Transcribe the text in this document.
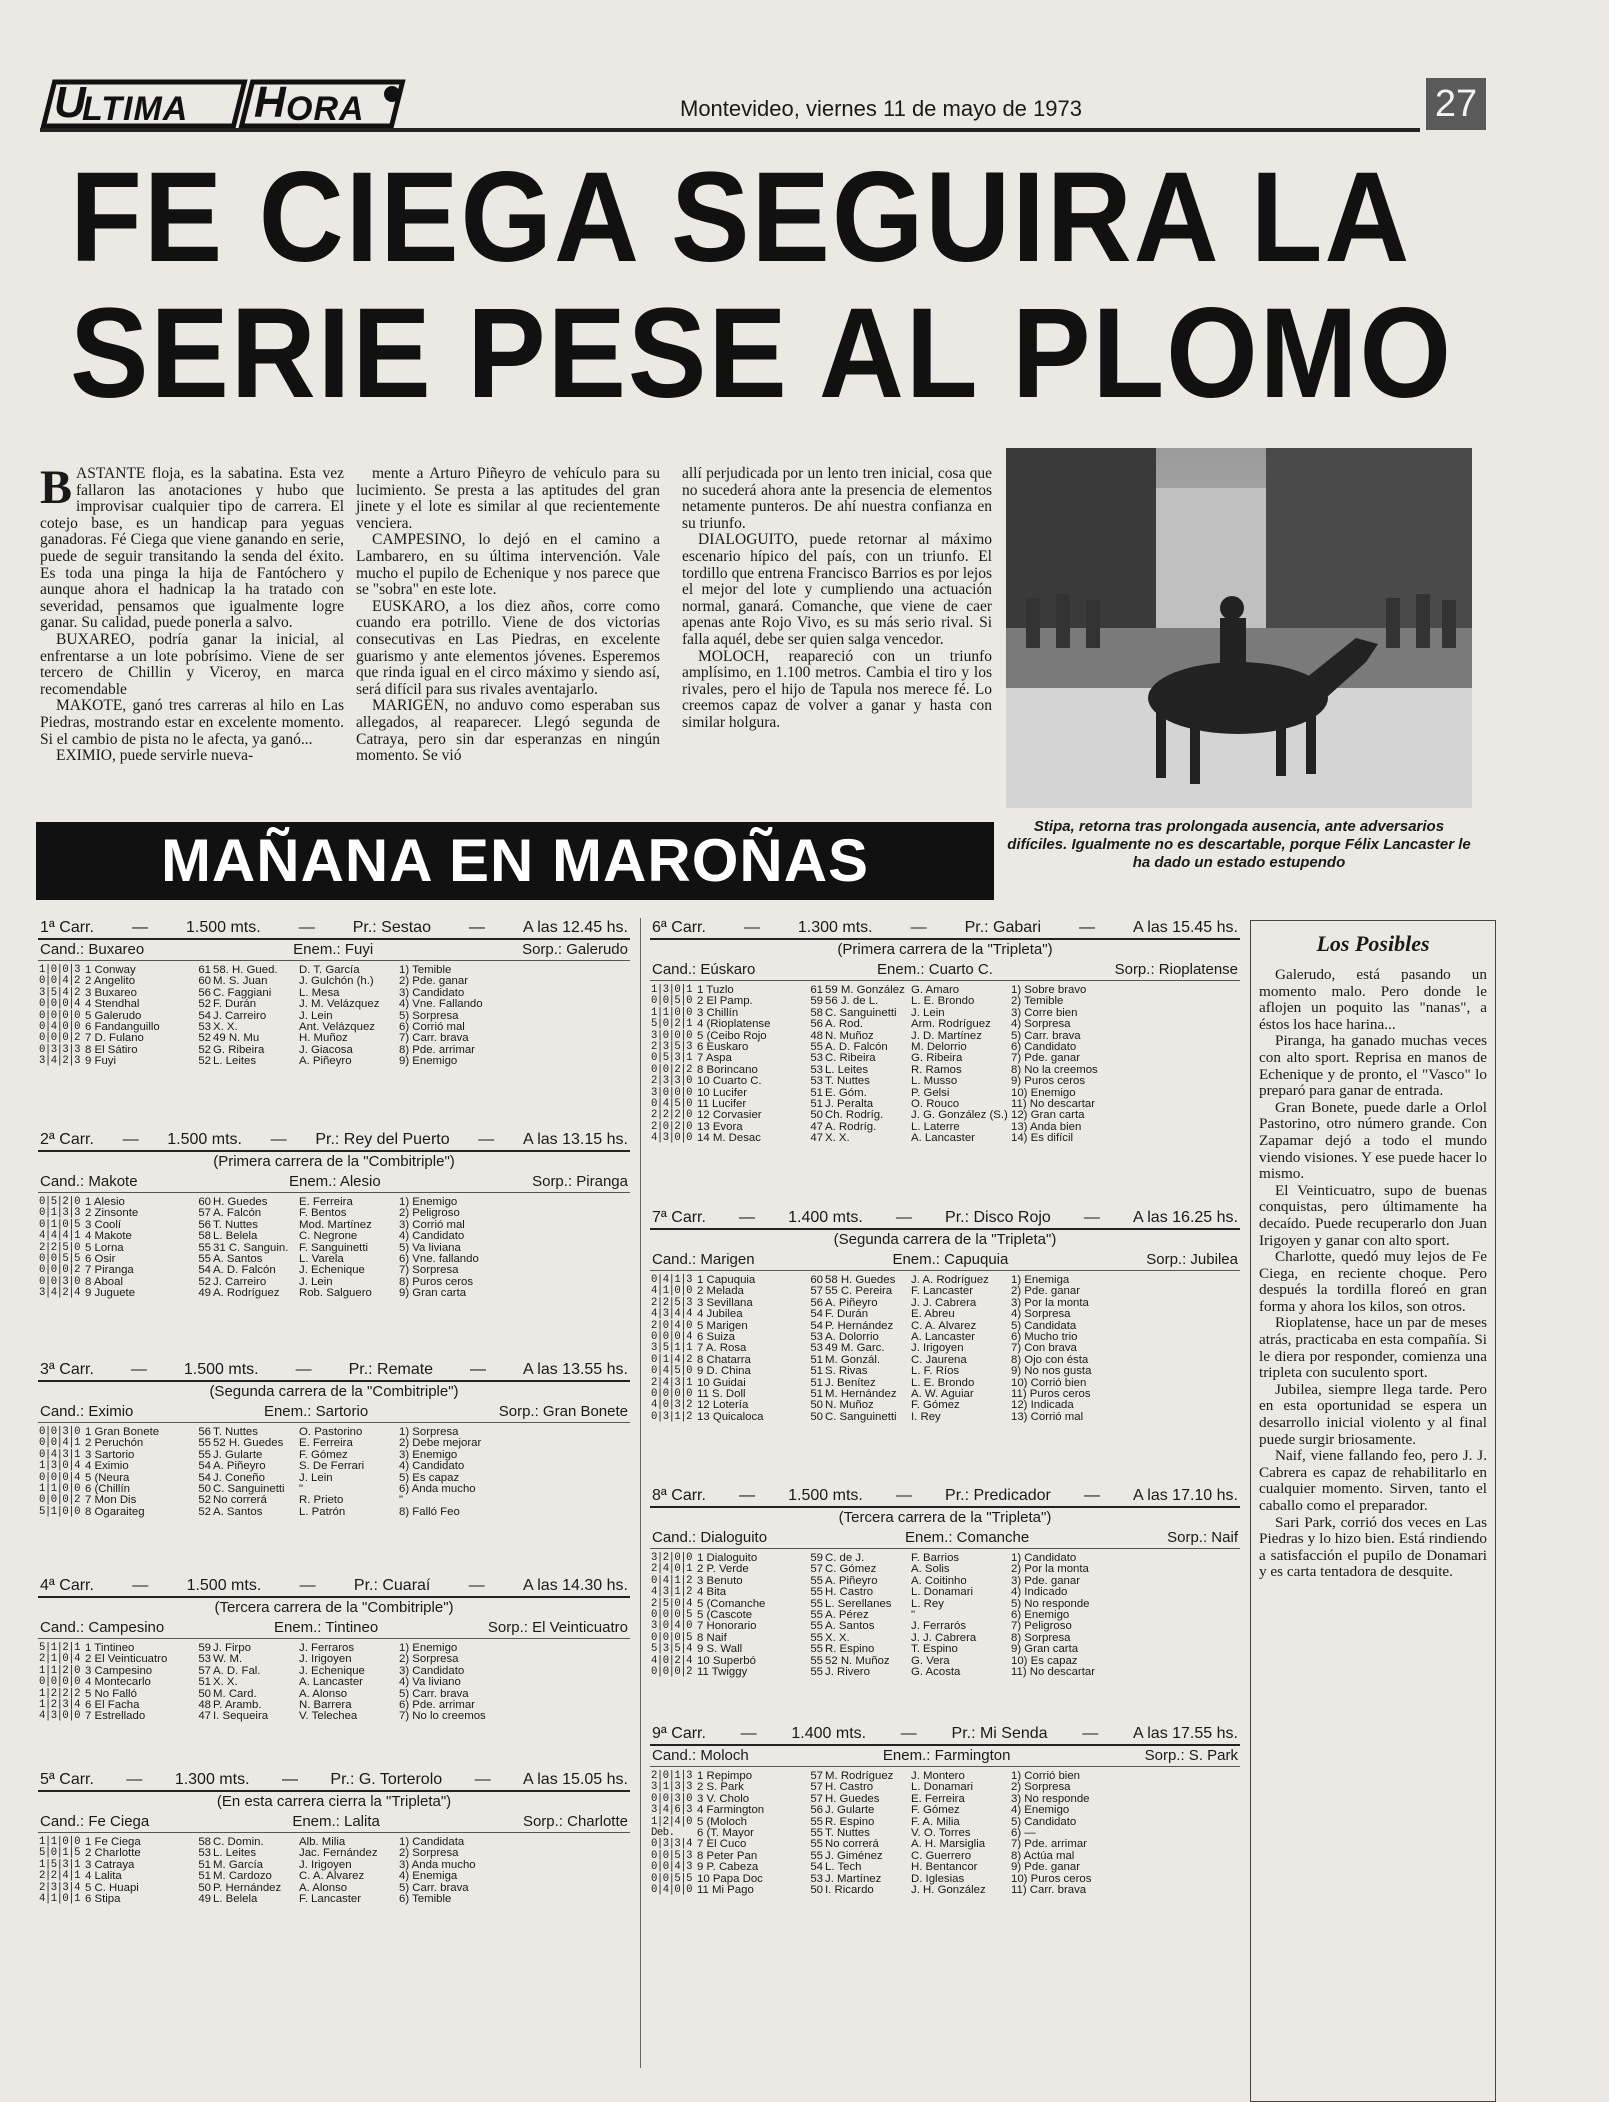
U
LTIMA H ORA	Montevideo, viernes 11 de mayo de 1973	27
FE CIEGA SEGUIRA LA
SERIE PESE AL PLOMO

BASTANTE floja, es la sabatina. Esta vez fallaron las anotaciones y hubo que improvisar cualquier tipo de carrera. El cotejo base, es un handicap para yeguas ganadoras. Fé Ciega que viene ganando en serie, puede de seguir transitando la senda del éxito. Es toda una pinga la hija de Fantóchero y aunque ahora el hadnicap la ha tratado con severidad, pensamos que igualmente logre ganar. Su calidad, puede ponerla a salvo.

BUXAREO, podría ganar la inicial, al enfrentarse a un lote pobrísimo. Viene de ser tercero de Chillin y Viceroy, en marca recomendable

MAKOTE, ganó tres carreras al hilo en Las Piedras, mostrando estar en excelente momento. Si el cambio de pista no le afecta, ya ganó...

EXIMIO, puede servirle nueva-

mente a Arturo Piñeyro de vehículo para su lucimiento. Se presta a las aptitudes del gran jinete y el lote es similar al que recientemente venciera.

CAMPESINO, lo dejó en el camino a Lambarero, en su última intervención. Vale mucho el pupilo de Echenique y nos parece que se "sobra" en este lote.

EUSKARO, a los diez años, corre como cuando era potrillo. Viene de dos victorias consecutivas en Las Piedras, en excelente guarismo y ante elementos jóvenes. Esperemos que rinda igual en el circo máximo y siendo así, será difícil para sus rivales aventajarlo.

MARIGEN, no anduvo como esperaban sus allegados, al reaparecer. Llegó segunda de Catraya, pero sin dar esperanzas en ningún momento. Se vió

allí perjudicada por un lento tren inicial, cosa que no sucederá ahora ante la presencia de elementos netamente punteros. De ahí nuestra confianza en su triunfo.

DIALOGUITO, puede retornar al máximo escenario hípico del país, con un triunfo. El tordillo que entrena Francisco Barrios es por lejos el mejor del lote y cumpliendo una actuación normal, ganará. Comanche, que viene de caer apenas ante Rojo Vivo, es su más serio rival. Si falla aquél, debe ser quien salga vencedor.

MOLOCH, reapareció con un triunfo amplísimo, en 1.100 metros. Cambia el tiro y los rivales, pero el hijo de Tapula nos merece fé. Lo creemos capaz de volver a ganar y hasta con similar holgura.

Stipa, retorna tras prolongada ausencia, ante adversarios difíciles. Igualmente no es descartable, porque Félix Lancaster le ha dado un estado estupendo
MAÑANA EN MAROÑAS
1ª Carr. — 1.500 mts. — Pr.: Sestao — A las 12.45 hs.
Cand.: Buxareo	Enem.: Fuyi	Sorp.: Galerudo
1|0|0|3	1 Conway	61	58. H. Gued.	D. T. García	1) Temible
0|0|4|2	2 Angelito	60	M. S. Juan	J. Gulchón (h.)	2) Pde. ganar
3|5|4|2	3 Buxareo	56	C. Faggiani	L. Mesa	3) Candidato
0|0|0|4	4 Stendhal	52	F. Durán	J. M. Velázquez	4) Vne. Fallando
0|0|0|0	5 Galerudo	54	J. Carreiro	J. Lein	5) Sorpresa
0|4|0|0	6 Fandanguillo	53	X. X.	Ant. Velázquez	6) Corrió mal
0|0|0|2	7 D. Fulano	52	49 N. Mu	H. Muñoz	7) Carr. brava
0|3|3|3	8 El Sátiro	52	G. Ribeira	J. Giacosa	8) Pde. arrimar
3|4|2|3	9 Fuyi	52	L. Leites	A. Piñeyro	9) Enemigo
2ª Carr. — 1.500 mts. — Pr.: Rey del Puerto — A las 13.15 hs.
(Primera carrera de la "Combitriple")
Cand.: Makote	Enem.: Alesio	Sorp.: Piranga
0|5|2|0	1 Alesio	60	H. Guedes	E. Ferreira	1) Enemigo
0|1|3|3	2 Zinsonte	57	A. Falcón	F. Bentos	2) Peligroso
0|1|0|5	3 Coolí	56	T. Nuttes	Mod. Martínez	3) Corrió mal
4|4|4|1	4 Makote	58	L. Belela	C. Negrone	4) Candidato
2|2|5|0	5 Lorna	55	31 C. Sanguin.	F. Sanguinetti	5) Va liviana
0|0|5|5	6 Osir	55	A. Santos	L. Varela	6) Vne. fallando
0|0|0|2	7 Piranga	54	A. D. Falcón	J. Echenique	7) Sorpresa
0|0|3|0	8 Aboal	52	J. Carreiro	J. Lein	8) Puros ceros
3|4|2|4	9 Juguete	49	A. Rodríguez	Rob. Salguero	9) Gran carta
3ª Carr. — 1.500 mts. — Pr.: Remate — A las 13.55 hs.
(Segunda carrera de la "Combitriple")
Cand.: Eximio	Enem.: Sartorio	Sorp.: Gran Bonete
0|0|3|0	1 Gran Bonete	56	T. Nuttes	O. Pastorino	1) Sorpresa
0|0|4|1	2 Peruchón	55	52 H. Guedes	E. Ferreira	2) Debe mejorar
0|4|3|1	3 Sartorio	55	J. Gularte	F. Gómez	3) Enemigo
1|3|0|4	4 Eximio	54	A. Piñeyro	S. De Ferrari	4) Candidato
0|0|0|4	5 (Neura	54	J. Coneño	J. Lein	5) Es capaz
1|1|0|0	6 (Chillín	50	C. Sanguinetti	"	6) Anda mucho
0|0|0|2	7 Mon Dis	52	No correrá	R. Prieto	"
5|1|0|0	8 Ogaraiteg	52	A. Santos	L. Patrón	8) Falló Feo
4ª Carr. — 1.500 mts. — Pr.: Cuaraí — A las 14.30 hs.
(Tercera carrera de la "Combitriple")
Cand.: Campesino	Enem.: Tintineo	Sorp.: El Veinticuatro
5|1|2|1	1 Tintineo	59	J. Firpo	J. Ferraros	1) Enemigo
2|1|0|4	2 El Veinticuatro	53	W. M.	J. Irigoyen	2) Sorpresa
1|1|2|0	3 Campesino	57	A. D. Fal.	J. Echenique	3) Candidato
0|0|0|0	4 Montecarlo	51	X. X.	A. Lancaster	4) Va liviano
1|2|2|2	5 No Falló	50	M. Card.	A. Alonso	5) Carr. brava
1|2|3|4	6 El Facha	48	P. Aramb.	N. Barrera	6) Pde. arrimar
4|3|0|0	7 Estrellado	47	I. Sequeira	V. Telechea	7) No lo creemos
5ª Carr. — 1.300 mts. — Pr.: G. Torterolo — A las 15.05 hs.
(En esta carrera cierra la "Tripleta")
Cand.: Fe Ciega	Enem.: Lalita	Sorp.: Charlotte
1|1|0|0	1 Fe Ciega	58	C. Domin.	Alb. Milia	1) Candidata
5|0|1|5	2 Charlotte	53	L. Leites	Jac. Fernández	2) Sorpresa
1|5|3|1	3 Catraya	51	M. García	J. Irigoyen	3) Anda mucho
2|2|4|1	4 Lalita	51	M. Cardozo	C. A. Alvarez	4) Enemiga
2|3|3|4	5 C. Huapi	50	P. Hernández	A. Alonso	5) Carr. brava
4|1|0|1	6 Stipa	49	L. Belela	F. Lancaster	6) Temible
6ª Carr. — 1.300 mts. — Pr.: Gabari — A las 15.45 hs.
(Primera carrera de la "Tripleta")
Cand.: Eúskaro	Enem.: Cuarto C.	Sorp.: Rioplatense
1|3|0|1	1 Tuzlo	61	59 M. González	G. Amaro	1) Sobre bravo
0|0|5|0	2 El Pamp.	59	56 J. de L.	L. E. Brondo	2) Temible
1|1|0|0	3 Chillín	58	C. Sanguinetti	J. Lein	3) Corre bien
5|0|2|1	4 (Rioplatense	56	A. Rod.	Arm. Rodríguez	4) Sorpresa
3|0|0|0	5 (Ceibo Rojo	48	N. Muñoz	J. D. Martínez	5) Carr. brava
2|3|5|3	6 Euskaro	55	A. D. Falcón	M. Delorrio	6) Candidato
0|5|3|1	7 Aspa	53	C. Ribeira	G. Ribeira	7) Pde. ganar
0|0|2|2	8 Borincano	53	L. Leites	R. Ramos	8) No la creemos
2|3|3|0	10 Cuarto C.	53	T. Nuttes	L. Musso	9) Puros ceros
3|0|0|0	10 Lucifer	51	E. Góm.	P. Gelsi	10) Enemigo
0|4|5|0	11 Lucifer	51	J. Peralta	O. Rouco	11) No descartar
2|2|2|0	12 Corvasier	50	Ch. Rodríg.	J. G. González (S.)	12) Gran carta
2|0|2|0	13 Evora	47	A. Rodríg.	L. Laterre	13) Anda bien
4|3|0|0	14 M. Desac	47	X. X.	A. Lancaster	14) Es difícil
7ª Carr. — 1.400 mts. — Pr.: Disco Rojo — A las 16.25 hs.
(Segunda carrera de la "Tripleta")
Cand.: Marigen	Enem.: Capuquia	Sorp.: Jubilea
0|4|1|3	1 Capuquia	60	58 H. Guedes	J. A. Rodríguez	1) Enemiga
4|1|0|0	2 Melada	57	55 C. Pereira	F. Lancaster	2) Pde. ganar
2|2|5|3	3 Sevillana	56	A. Piñeyro	J. J. Cabrera	3) Por la monta
4|3|4|4	4 Jubilea	54	F. Durán	E. Abreu	4) Sorpresa
2|0|4|0	5 Marigen	54	P. Hernández	C. A. Alvarez	5) Candidata
0|0|0|4	6 Suiza	53	A. Dolorrio	A. Lancaster	6) Mucho trio
3|5|1|1	7 A. Rosa	53	49 M. Garc.	J. Irigoyen	7) Con brava
0|1|4|2	8 Chatarra	51	M. Gonzál.	C. Jaurena	8) Ojo con ésta
0|4|5|0	9 D. China	51	S. Rivas	L. F. Ríos	9) No nos gusta
2|4|3|1	10 Guidai	51	J. Benítez	L. E. Brondo	10) Corrió bien
0|0|0|0	11 S. Doll	51	M. Hernández	A. W. Aguiar	11) Puros ceros
4|0|3|2	12 Lotería	50	N. Muñoz	F. Gómez	12) Indicada
0|3|1|2	13 Quicaloca	50	C. Sanguinetti	I. Rey	13) Corrió mal
8ª Carr. — 1.500 mts. — Pr.: Predicador — A las 17.10 hs.
(Tercera carrera de la "Tripleta")
Cand.: Dialoguito	Enem.: Comanche	Sorp.: Naif
3|2|0|0	1 Dialoguito	59	C. de J.	F. Barrios	1) Candidato
2|4|0|1	2 P. Verde	57	C. Gómez	A. Solis	2) Por la monta
0|4|1|2	3 Benuto	55	A. Piñeyro	A. Coitinho	3) Pde. ganar
4|3|1|2	4 Bita	55	H. Castro	L. Donamari	4) Indicado
2|5|0|4	5 (Comanche	55	L. Serellanes	L. Rey	5) No responde
0|0|0|5	5 (Cascote	55	A. Pérez	"	6) Enemigo
3|0|4|0	7 Honorario	55	A. Santos	J. Ferrarós	7) Peligroso
0|0|0|5	8 Naif	55	X. X.	J. J. Cabrera	8) Sorpresa
5|3|5|4	9 S. Wall	55	R. Espino	T. Espino	9) Gran carta
4|0|2|4	10 Superbó	55	52 N. Muñoz	G. Vera	10) Es capaz
0|0|0|2	11 Twiggy	55	J. Rivero	G. Acosta	11) No descartar
9ª Carr. — 1.400 mts. — Pr.: Mi Senda — A las 17.55 hs.
Cand.: Moloch	Enem.: Farmington	Sorp.: S. Park
2|0|1|3	1 Repimpo	57	M. Rodríguez	J. Montero	1) Corrió bien
3|1|3|3	2 S. Park	57	H. Castro	L. Donamari	2) Sorpresa
0|0|3|0	3 V. Cholo	57	H. Guedes	E. Ferreira	3) No responde
3|4|6|3	4 Farmington	56	J. Gularte	F. Gómez	4) Enemigo
1|2|4|0	5 (Moloch	55	R. Espino	F. A. Milia	5) Candidato
Deb.	6 (T. Mayor	55	T. Nuttes	V. O. Torres	6) —
0|3|3|4	7 El Cuco	55	No correrá	A. H. Marsiglia	7) Pde. arrimar
0|0|5|3	8 Peter Pan	55	J. Giménez	C. Guerrero	8) Actúa mal
0|0|4|3	9 P. Cabeza	54	L. Tech	H. Bentancor	9) Pde. ganar
0|0|5|5	10 Papa Doc	53	J. Martínez	D. Iglesias	10) Puros ceros
0|4|0|0	11 Mi Pago	50	I. Ricardo	J. H. González	11) Carr. brava
Los Posibles

Galerudo, está pasando un momento malo. Pero donde le aflojen un poquito las "nanas", a éstos los hace harina...

Piranga, ha ganado muchas veces con alto sport. Reprisa en manos de Echenique y de pronto, el "Vasco" lo preparó para ganar de entrada.

Gran Bonete, puede darle a Orlol Pastorino, otro número grande. Con Zapamar dejó a todo el mundo viendo visiones. Y ese puede hacer lo mismo.

El Veinticuatro, supo de buenas conquistas, pero últimamente ha decaído. Puede recuperarlo don Juan Irigoyen y ganar con alto sport.

Charlotte, quedó muy lejos de Fe Ciega, en reciente choque. Pero después la tordilla floreó en gran forma y ahora los kilos, son otros.

Rioplatense, hace un par de meses atrás, practicaba en esta compañía. Si le diera por responder, comienza una tripleta con suculento sport.

Jubilea, siempre llega tarde. Pero en esta oportunidad se espera un desarrollo inicial violento y al final puede surgir briosamente.

Naif, viene fallando feo, pero J. J. Cabrera es capaz de rehabilitarlo en cualquier momento. Sirven, tanto el caballo como el preparador.

Sari Park, corrió dos veces en Las Piedras y lo hizo bien. Está rindiendo a satisfacción el pupilo de Donamari y es carta tentadora de desquite.
